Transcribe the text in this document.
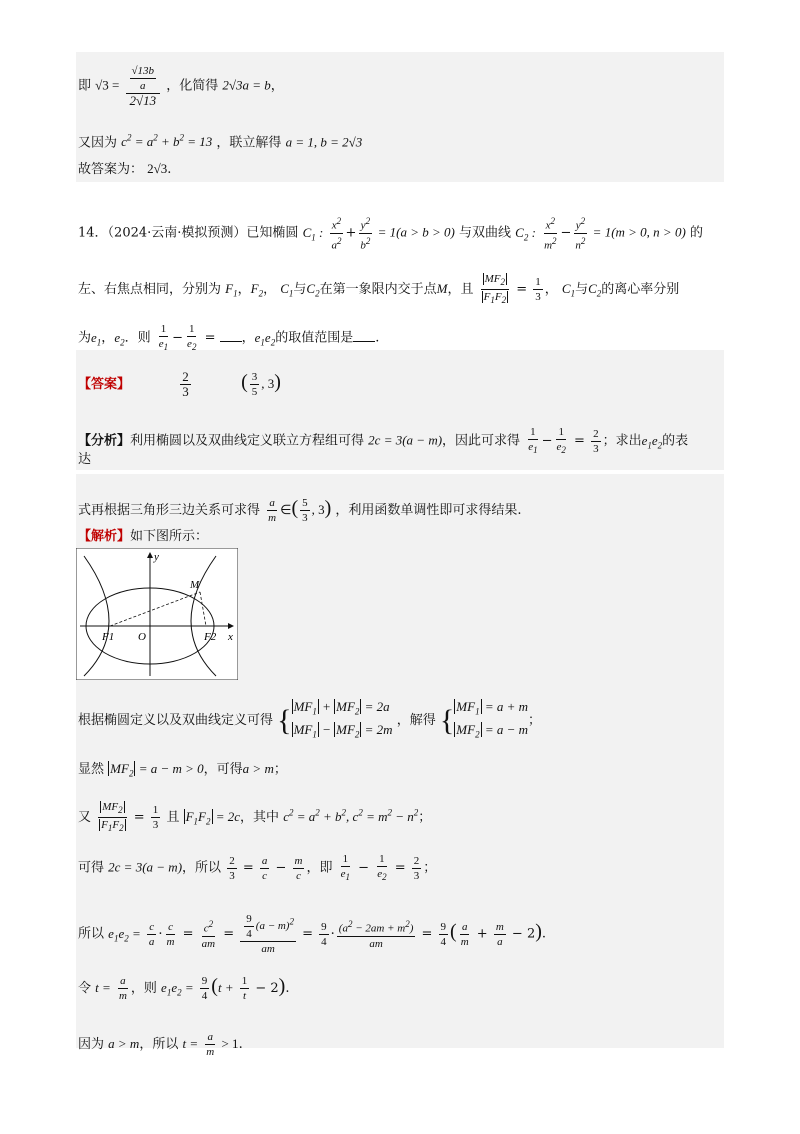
即 $√3 = \frac{\frac{√13b}{a}}{2√13}$ ，化简得 2√3a = b，
又因为 $c^2 = a^2 + b^2 = 13$ ，联立解得 a = 1, b = 2√3
故答案为： 2√3.
14．（2024·云南·模拟预测）已知椭圆 $C_1$ : $\frac{x^2}{a^2} + \frac{y^2}{b^2} = 1(a > b > 0)$ 与双曲线 $C_2$ : $\frac{x^2}{m^2} - \frac{y^2}{n^2} = 1(m > 0$, n > 0) 的
左、右焦点相同，分别为 $F_1$，$F_2$， $C_1$与$C_2$在第一象限内交于点M，且 $\frac{MF_2}{F_1F_2} = \frac{1}{3}$ ， $C_1$与$C_2$的离心率分别
为$e_1$，$e_2$．则 $\frac{1}{e_1} - \frac{1}{e_2}$ = ，$e_1e_2$的取值范围是 .
【答案】	$\frac{2}{3}$	( $\frac{3}{5}$ , 3)
【分析】利用椭圆以及双曲线定义联立方程组可得 2c = 3(a − m)，因此可求得 $\frac{1}{e_1} - \frac{1}{e_2} = \frac{2}{3}$ ；求出$e_1e_2$的表
达
式再根据三角形三边关系可求得 $\frac{a}{m}$ ∈( $\frac{5}{3}$ , 3) ，利用函数单调性即可求得结果.
【解析】如下图所示：
y
x
M
O
F1	F2
根据椭圆定义以及双曲线定义可得 { $MF_1 + MF_2 = 2a$
$MF_1 - MF_2 = 2m$
，解得 { $MF_1 = a + m$
$MF_2 = a - m$
；
显然 $MF_2 = a - m > 0$，可得a > m；
又 $\frac{MF_2}{F_1F_2} = \frac{1}{3}$ 且 $F_1F_2 = 2c$，其中 $c^2 = a^2 + b^2$, $c^2 = m^2 - n^2$；
可得 2c = 3(a − m)，所以 $\frac{2}{3} = \frac{a}{c} - \frac{m}{c}$ ，即 $\frac{1}{e_1} - \frac{1}{e_2} = \frac{2}{3}$ ；
所以 $e_1e_2 = \frac{c}{a} \cdot \frac{c}{m} = \frac{c^2}{am} = \frac{\frac{9}{4} (a - m)^2}{am} = \frac{9}{4} \cdot \frac{(a^2 - 2am + m^2)}{am} = \frac{9}{4}$ ( $\frac{a}{m} + \frac{m}{a} - 2$).
令 $t = \frac{a}{m}$ ，则 $e_1e_2 = \frac{9}{4} (t + \frac{1}{t} - 2)$.
因为 a > m，所以 $t = \frac{a}{m} > 1$.
